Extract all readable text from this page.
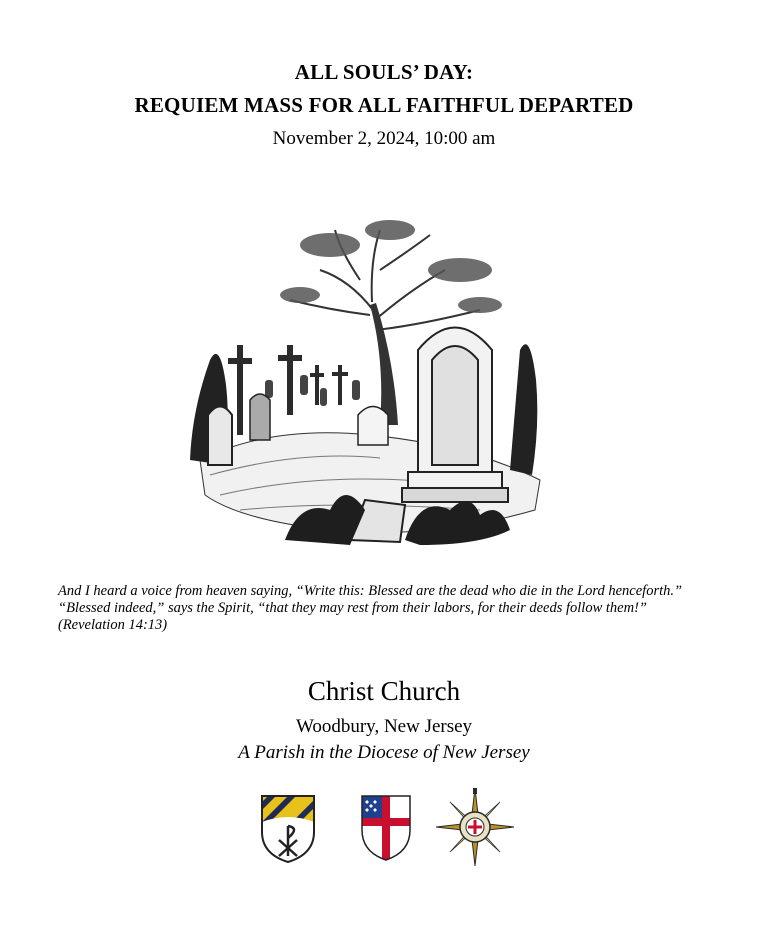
ALL SOULS’ DAY:
REQUIEM MASS FOR ALL FAITHFUL DEPARTED
November 2, 2024, 10:00 am
And I heard a voice from heaven saying, “Write this: Blessed are the dead who die in the Lord henceforth.” “Blessed indeed,” says the Spirit, “that they may rest from their labors, for their deeds follow them!” (Revelation 14:13)
Christ Church
Woodbury, New Jersey
A Parish in the Diocese of New Jersey
